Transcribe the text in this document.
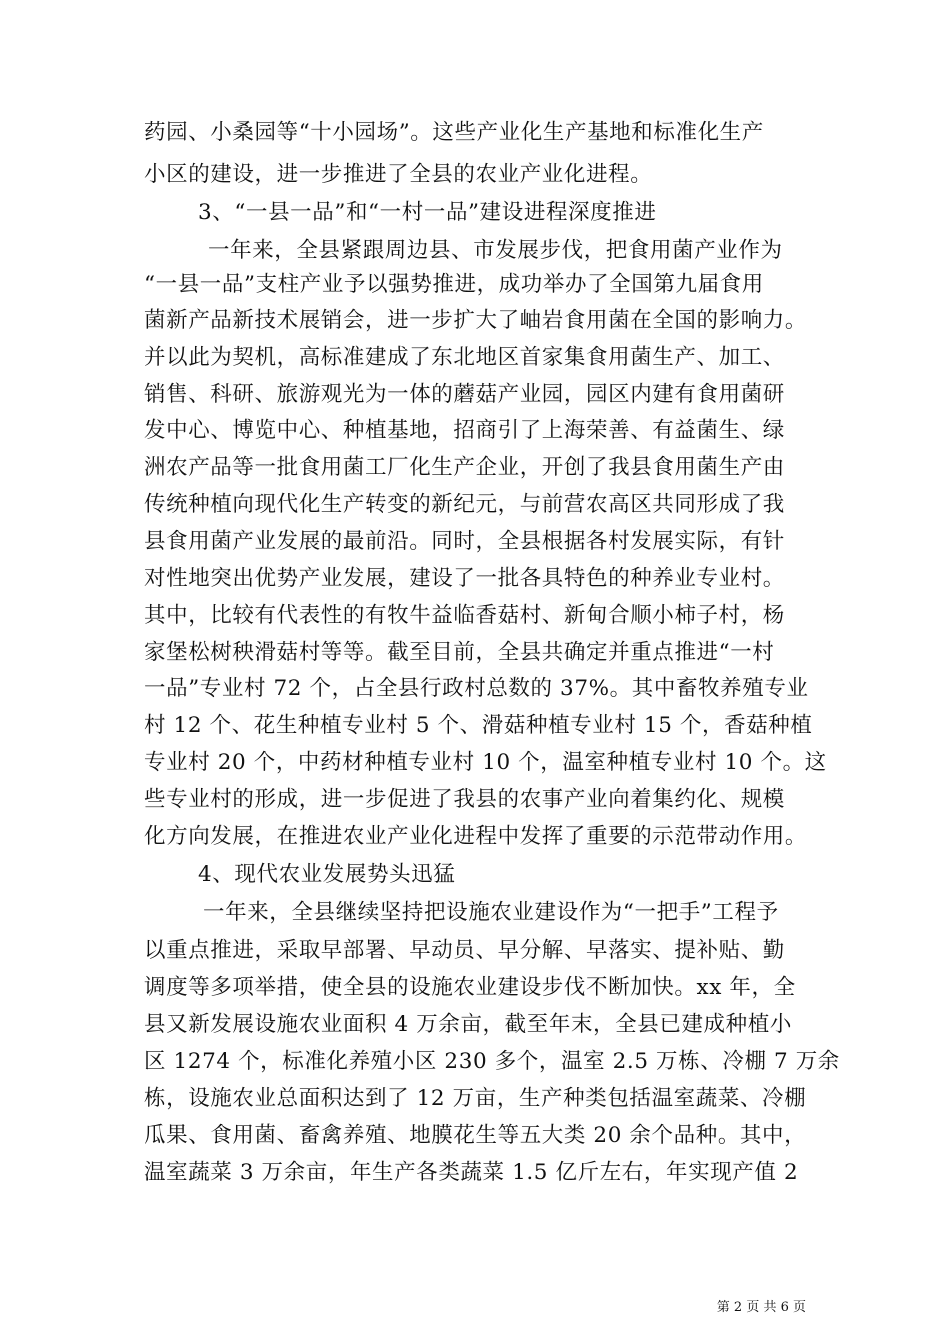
药园、小桑园等“十小园场”。这些产业化生产基地和标准化生产
小区的建设，进一步推进了全县的农业产业化进程。
3、“一县一品”和“一村一品”建设进程深度推进
一年来，全县紧跟周边县、市发展步伐，把食用菌产业作为
“一县一品”支柱产业予以强势推进，成功举办了全国第九届食用
菌新产品新技术展销会，进一步扩大了岫岩食用菌在全国的影响力。
并以此为契机，高标准建成了东北地区首家集食用菌生产、加工、
销售、科研、旅游观光为一体的蘑菇产业园，园区内建有食用菌研
发中心、博览中心、种植基地，招商引了上海荣善、有益菌生、绿
洲农产品等一批食用菌工厂化生产企业，开创了我县食用菌生产由
传统种植向现代化生产转变的新纪元，与前营农高区共同形成了我
县食用菌产业发展的最前沿。同时，全县根据各村发展实际，有针
对性地突出优势产业发展，建设了一批各具特色的种养业专业村。
其中，比较有代表性的有牧牛益临香菇村、新甸合顺小柿子村，杨
家堡松树秧滑菇村等等。截至目前，全县共确定并重点推进“一村
一品”专业村 72 个，占全县行政村总数的 37%。其中畜牧养殖专业
村 12 个、花生种植专业村 5 个、滑菇种植专业村 15 个，香菇种植
专业村 20 个，中药材种植专业村 10 个，温室种植专业村 10 个。这
些专业村的形成，进一步促进了我县的农事产业向着集约化、规模
化方向发展，在推进农业产业化进程中发挥了重要的示范带动作用。
4、现代农业发展势头迅猛
一年来，全县继续坚持把设施农业建设作为“一把手”工程予
以重点推进，采取早部署、早动员、早分解、早落实、提补贴、勤
调度等多项举措，使全县的设施农业建设步伐不断加快。xx 年，全
县又新发展设施农业面积 4 万余亩，截至年末，全县已建成种植小
区 1274 个，标准化养殖小区 230 多个，温室 2.5 万栋、冷棚 7 万余
栋，设施农业总面积达到了 12 万亩，生产种类包括温室蔬菜、冷棚
瓜果、食用菌、畜禽养殖、地膜花生等五大类 20 余个品种。其中，
温室蔬菜 3 万余亩，年生产各类蔬菜 1.5 亿斤左右，年实现产值 2
第 2 页 共 6 页
